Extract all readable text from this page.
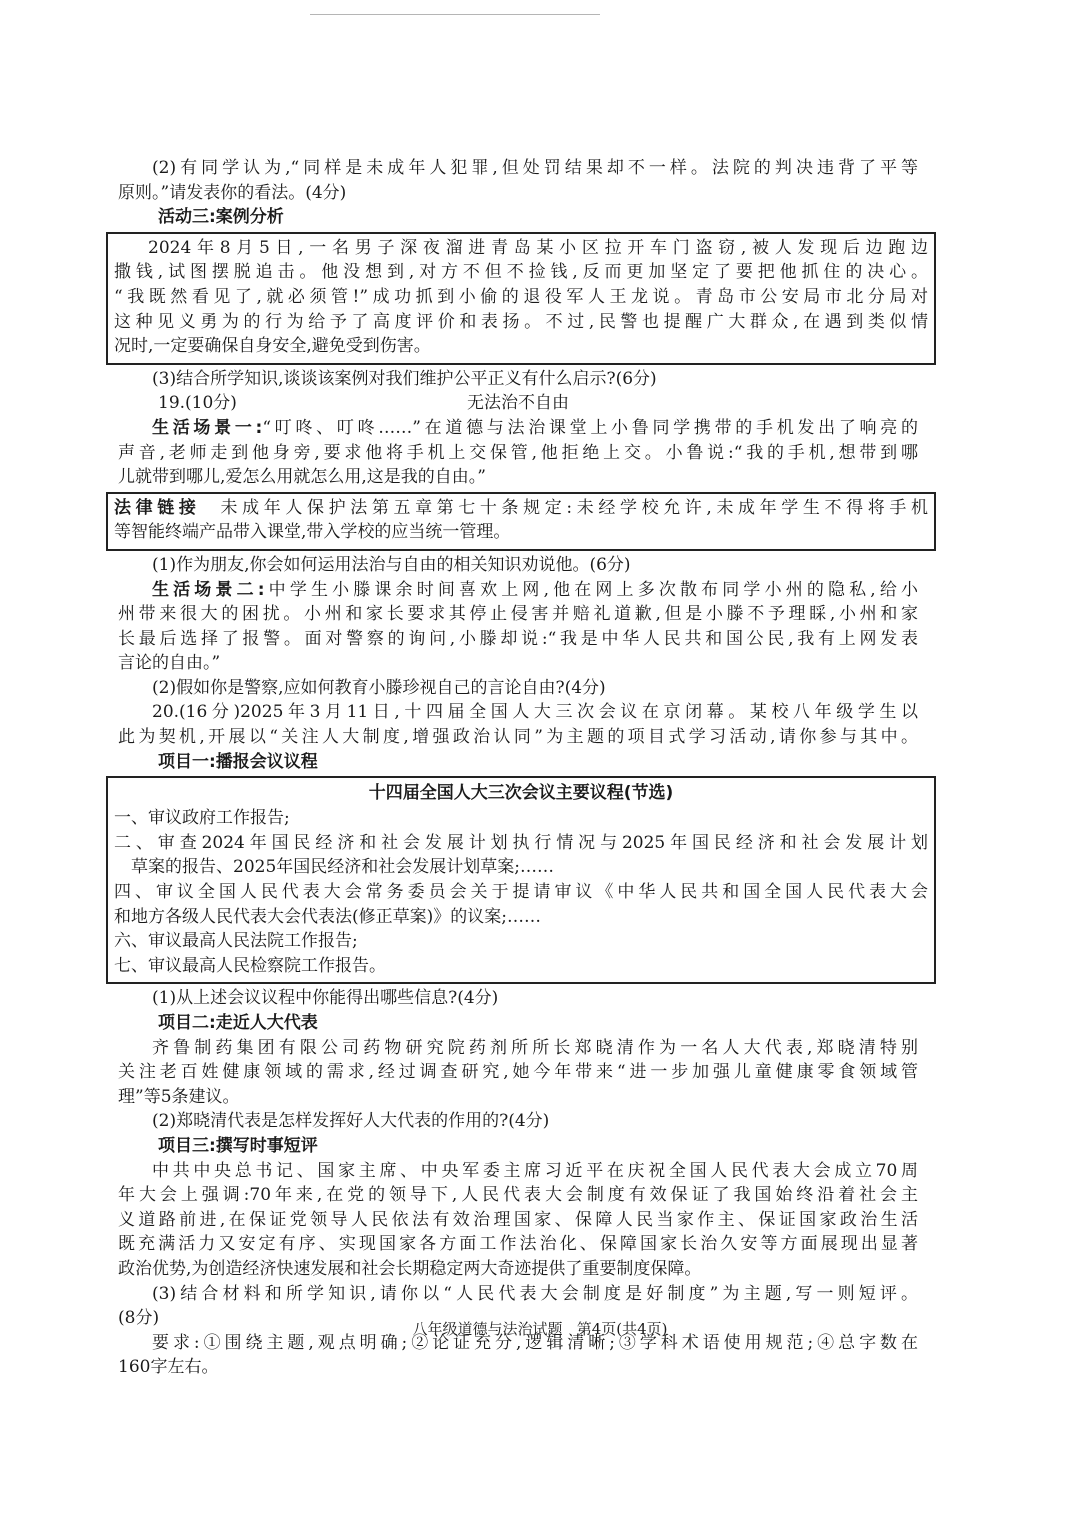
(2)有同学认为,“同样是未成年人犯罪,但处罚结果却不一样。法院的判决违背了平等
原则。”请发表你的看法。(4分)
活动三:案例分析
2024年8月5日,一名男子深夜溜进青岛某小区拉开车门盗窃,被人发现后边跑边
撒钱,试图摆脱追击。他没想到,对方不但不捡钱,反而更加坚定了要把他抓住的决心。
“我既然看见了,就必须管!”成功抓到小偷的退役军人王龙说。青岛市公安局市北分局对
这种见义勇为的行为给予了高度评价和表扬。不过,民警也提醒广大群众,在遇到类似情
况时,一定要确保自身安全,避免受到伤害。
(3)结合所学知识,谈谈该案例对我们维护公平正义有什么启示?(6分)
19.(10分)	无法治不自由
生活场景一:“叮咚、叮咚……”在道德与法治课堂上小鲁同学携带的手机发出了响亮的
声音,老师走到他身旁,要求他将手机上交保管,他拒绝上交。小鲁说:“我的手机,想带到哪
儿就带到哪儿,爱怎么用就怎么用,这是我的自由。”
法律链接 未成年人保护法第五章第七十条规定:未经学校允许,未成年学生不得将手机
等智能终端产品带入课堂,带入学校的应当统一管理。
(1)作为朋友,你会如何运用法治与自由的相关知识劝说他。(6分)
生活场景二:中学生小滕课余时间喜欢上网,他在网上多次散布同学小州的隐私,给小
州带来很大的困扰。小州和家长要求其停止侵害并赔礼道歉,但是小滕不予理睬,小州和家
长最后选择了报警。面对警察的询问,小滕却说:“我是中华人民共和国公民,我有上网发表
言论的自由。”
(2)假如你是警察,应如何教育小滕珍视自己的言论自由?(4分)
20.(16分)2025年3月11日,十四届全国人大三次会议在京闭幕。某校八年级学生以
此为契机,开展以“关注人大制度,增强政治认同”为主题的项目式学习活动,请你参与其中。
项目一:播报会议议程
十四届全国人大三次会议主要议程(节选)
一、审议政府工作报告;
二、审查2024年国民经济和社会发展计划执行情况与2025年国民经济和社会发展计划
草案的报告、2025年国民经济和社会发展计划草案;……
四、审议全国人民代表大会常务委员会关于提请审议《中华人民共和国全国人民代表大会
和地方各级人民代表大会代表法(修正草案)》的议案;……
六、审议最高人民法院工作报告;
七、审议最高人民检察院工作报告。
(1)从上述会议议程中你能得出哪些信息?(4分)
项目二:走近人大代表
齐鲁制药集团有限公司药物研究院药剂所所长郑晓清作为一名人大代表,郑晓清特别
关注老百姓健康领域的需求,经过调查研究,她今年带来“进一步加强儿童健康零食领域管
理”等5条建议。
(2)郑晓清代表是怎样发挥好人大代表的作用的?(4分)
项目三:撰写时事短评
中共中央总书记、国家主席、中央军委主席习近平在庆祝全国人民代表大会成立70周
年大会上强调:70年来,在党的领导下,人民代表大会制度有效保证了我国始终沿着社会主
义道路前进,在保证党领导人民依法有效治理国家、保障人民当家作主、保证国家政治生活
既充满活力又安定有序、实现国家各方面工作法治化、保障国家长治久安等方面展现出显著
政治优势,为创造经济快速发展和社会长期稳定两大奇迹提供了重要制度保障。
(3)结合材料和所学知识,请你以“人民代表大会制度是好制度”为主题,写一则短评。
(8分)
要求:①围绕主题,观点明确;②论证充分,逻辑清晰;③学科术语使用规范;④总字数在
160字左右。
八年级道德与法治试题   第4页(共4页)
